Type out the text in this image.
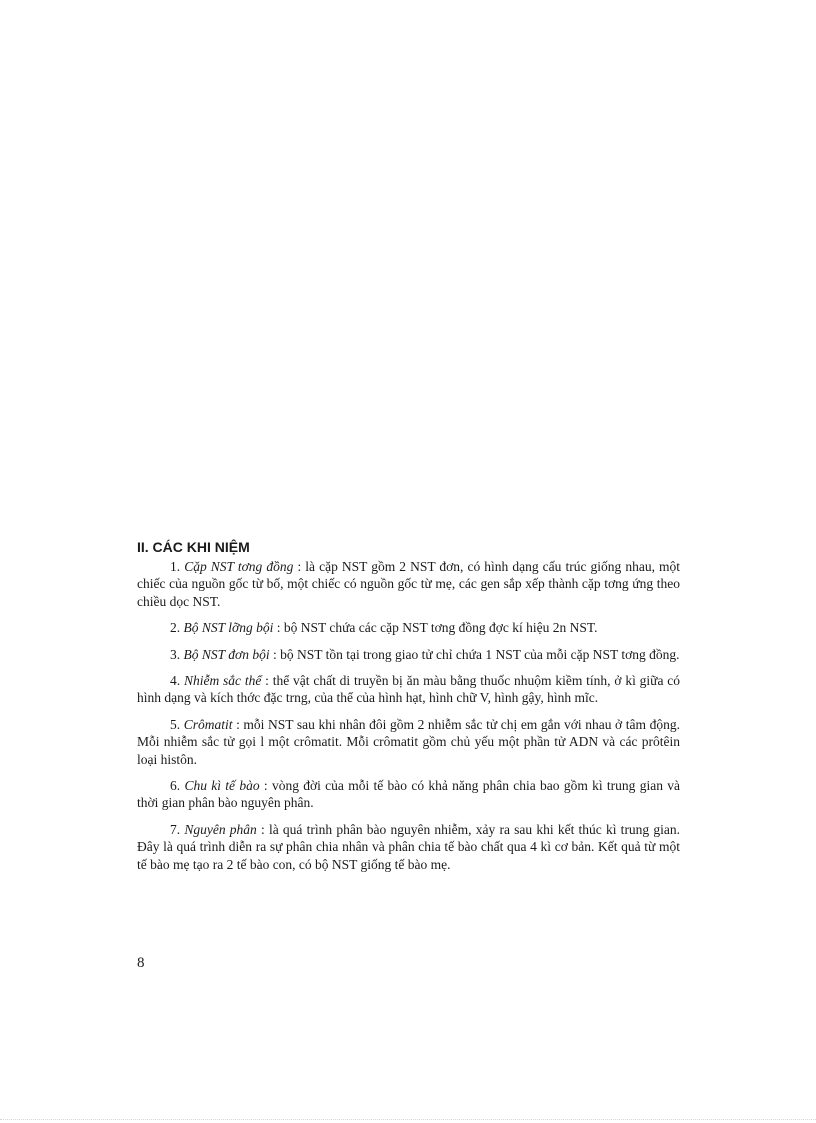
II. CÁC KHI NIỆM

1. Cặp NST tơng đồng : là cặp NST gồm 2 NST đơn, có hình dạng cấu trúc giống nhau, một chiếc của nguồn gốc từ bố, một chiếc có nguồn gốc từ mẹ, các gen sắp xếp thành cặp tơng ứng theo chiều dọc NST.

2. Bộ NST lỡng bội : bộ NST chứa các cặp NST tơng đồng đợc kí hiệu 2n NST.

3. Bộ NST đơn bội : bộ NST tồn tại trong giao tử chỉ chứa 1 NST của mỗi cặp NST tơng đồng.

4. Nhiễm sắc thể : thể vật chất di truyền bị ăn màu bằng thuốc nhuộm kiềm tính, ở kì giữa có hình dạng và kích thớc đặc trng, của thể của hình hạt, hình chữ V, hình gậy, hình mĩc.

5. Crômatit : mỗi NST sau khi nhân đôi gồm 2 nhiễm sắc tử chị em gắn với nhau ở tâm động. Mỗi nhiễm sắc tử gọi l một crômatit. Mỗi crômatit gồm chủ yếu một phần tử ADN và các prôtêin loại histôn.

6. Chu kì tế bào : vòng đời của mỗi tế bào có khả năng phân chia bao gồm kì trung gian và thời gian phân bào nguyên phân.

7. Nguyên phân : là quá trình phân bào nguyên nhiễm, xảy ra sau khi kết thúc kì trung gian. Đây là quá trình diễn ra sự phân chia nhân và phân chia tế bào chất qua 4 kì cơ bản. Kết quả từ một tế bào mẹ tạo ra 2 tế bào con, có bộ NST giống tế bào mẹ.

8
